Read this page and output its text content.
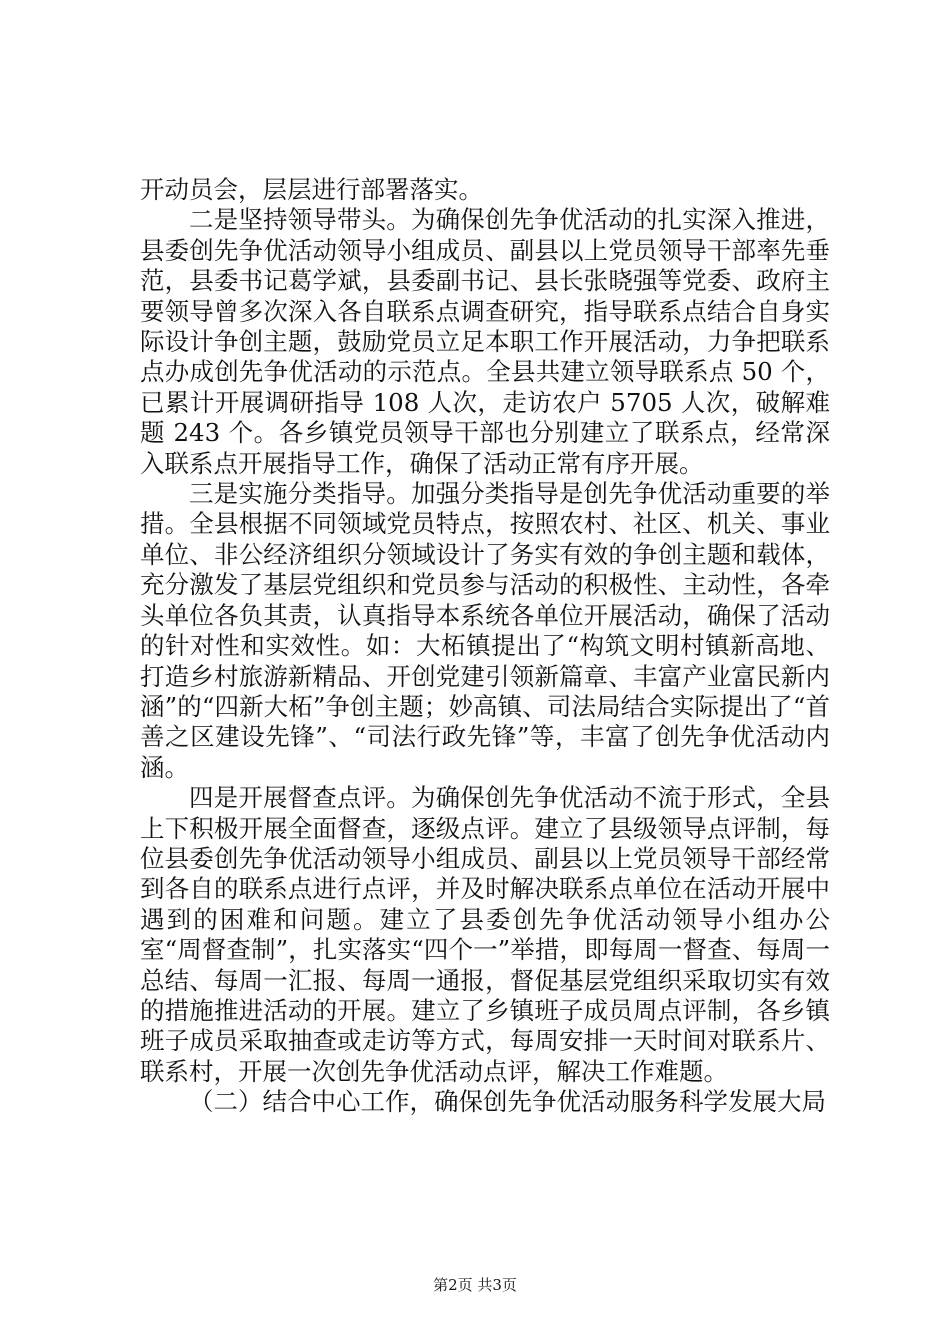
开动员会，层层进行部署落实。

二是坚持领导带头。为确保创先争优活动的扎实深入推进，县委创先争优活动领导小组成员、副县以上党员领导干部率先垂范，县委书记葛学斌，县委副书记、县长张晓强等党委、政府主要领导曾多次深入各自联系点调查研究，指导联系点结合自身实际设计争创主题，鼓励党员立足本职工作开展活动，力争把联系点办成创先争优活动的示范点。全县共建立领导联系点 50 个，已累计开展调研指导 108 人次，走访农户 5705 人次，破解难题 243 个。各乡镇党员领导干部也分别建立了联系点，经常深入联系点开展指导工作，确保了活动正常有序开展。

三是实施分类指导。加强分类指导是创先争优活动重要的举措。全县根据不同领域党员特点，按照农村、社区、机关、事业单位、非公经济组织分领域设计了务实有效的争创主题和载体，充分激发了基层党组织和党员参与活动的积极性、主动性，各牵头单位各负其责，认真指导本系统各单位开展活动，确保了活动的针对性和实效性。如：大柘镇提出了“构筑文明村镇新高地、打造乡村旅游新精品、开创党建引领新篇章、丰富产业富民新内涵”的“四新大柘”争创主题；妙高镇、司法局结合实际提出了“首善之区建设先锋”、“司法行政先锋”等，丰富了创先争优活动内涵。

四是开展督查点评。为确保创先争优活动不流于形式，全县上下积极开展全面督查，逐级点评。建立了县级领导点评制，每位县委创先争优活动领导小组成员、副县以上党员领导干部经常到各自的联系点进行点评，并及时解决联系点单位在活动开展中遇到的困难和问题。建立了县委创先争优活动领导小组办公室“周督查制”，扎实落实“四个一”举措，即每周一督查、每周一总结、每周一汇报、每周一通报，督促基层党组织采取切实有效的措施推进活动的开展。建立了乡镇班子成员周点评制，各乡镇班子成员采取抽查或走访等方式，每周安排一天时间对联系片、联系村，开展一次创先争优活动点评，解决工作难题。

（二）结合中心工作，确保创先争优活动服务科学发展大局

第2页 共3页
